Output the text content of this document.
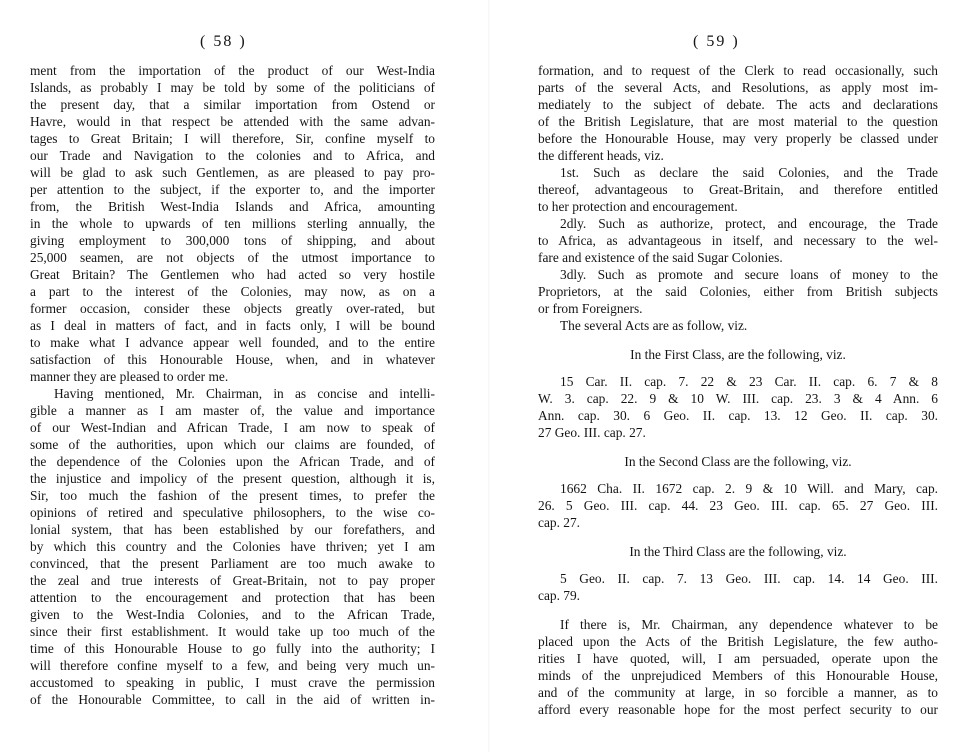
( 58 )
ment from the importation of the product of our West-India
Islands, as probably I may be told by some of the politicians of
the present day, that a similar importation from Ostend or
Havre, would in that respect be attended with the same advan-
tages to Great Britain; I will therefore, Sir, confine myself to
our Trade and Navigation to the colonies and to Africa, and
will be glad to ask such Gentlemen, as are pleased to pay pro-
per attention to the subject, if the exporter to, and the importer
from, the British West-India Islands and Africa, amounting
in the whole to upwards of ten millions sterling annually, the
giving employment to 300,000 tons of shipping, and about
25,000 seamen, are not objects of the utmost importance to
Great Britain? The Gentlemen who had acted so very hostile
a part to the interest of the Colonies, may now, as on a
former occasion, consider these objects greatly over-rated, but
as I deal in matters of fact, and in facts only, I will be bound
to make what I advance appear well founded, and to the entire
satisfaction of this Honourable House, when, and in whatever
manner they are pleased to order me.
Having mentioned, Mr. Chairman, in as concise and intelli-
gible a manner as I am master of, the value and importance
of our West-Indian and African Trade, I am now to speak of
some of the authorities, upon which our claims are founded, of
the dependence of the Colonies upon the African Trade, and of
the injustice and impolicy of the present question, although it is,
Sir, too much the fashion of the present times, to prefer the
opinions of retired and speculative philosophers, to the wise co-
lonial system, that has been established by our forefathers, and
by which this country and the Colonies have thriven; yet I am
convinced, that the present Parliament are too much awake to
the zeal and true interests of Great-Britain, not to pay proper
attention to the encouragement and protection that has been
given to the West-India Colonies, and to the African Trade,
since their first establishment. It would take up too much of the
time of this Honourable House to go fully into the authority; I
will therefore confine myself to a few, and being very much un-
accustomed to speaking in public, I must crave the permission
of the Honourable Committee, to call in the aid of written in-
( 59 )
formation, and to request of the Clerk to read occasionally, such
parts of the several Acts, and Resolutions, as apply most im-
mediately to the subject of debate. The acts and declarations
of the British Legislature, that are most material to the question
before the Honourable House, may very properly be classed under
the different heads, viz.
1st. Such as declare the said Colonies, and the Trade
thereof, advantageous to Great-Britain, and therefore entitled
to her protection and encouragement.
2dly. Such as authorize, protect, and encourage, the Trade
to Africa, as advantageous in itself, and necessary to the wel-
fare and existence of the said Sugar Colonies.
3dly. Such as promote and secure loans of money to the
Proprietors, at the said Colonies, either from British subjects
or from Foreigners.
The several Acts are as follow, viz.
In the First Class, are the following, viz.
15 Car. II. cap. 7. 22 & 23 Car. II. cap. 6. 7 & 8
W. 3. cap. 22. 9 & 10 W. III. cap. 23. 3 & 4 Ann. 6
Ann. cap. 30. 6 Geo. II. cap. 13. 12 Geo. II. cap. 30.
27 Geo. III. cap. 27.
In the Second Class are the following, viz.
1662 Cha. II. 1672 cap. 2. 9 & 10 Will. and Mary, cap.
26. 5 Geo. III. cap. 44. 23 Geo. III. cap. 65. 27 Geo. III.
cap. 27.
In the Third Class are the following, viz.
5 Geo. II. cap. 7. 13 Geo. III. cap. 14. 14 Geo. III.
cap. 79.
If there is, Mr. Chairman, any dependence whatever to be
placed upon the Acts of the British Legislature, the few autho-
rities I have quoted, will, I am persuaded, operate upon the
minds of the unprejudiced Members of this Honourable House,
and of the community at large, in so forcible a manner, as to
afford every reasonable hope for the most perfect security to our
